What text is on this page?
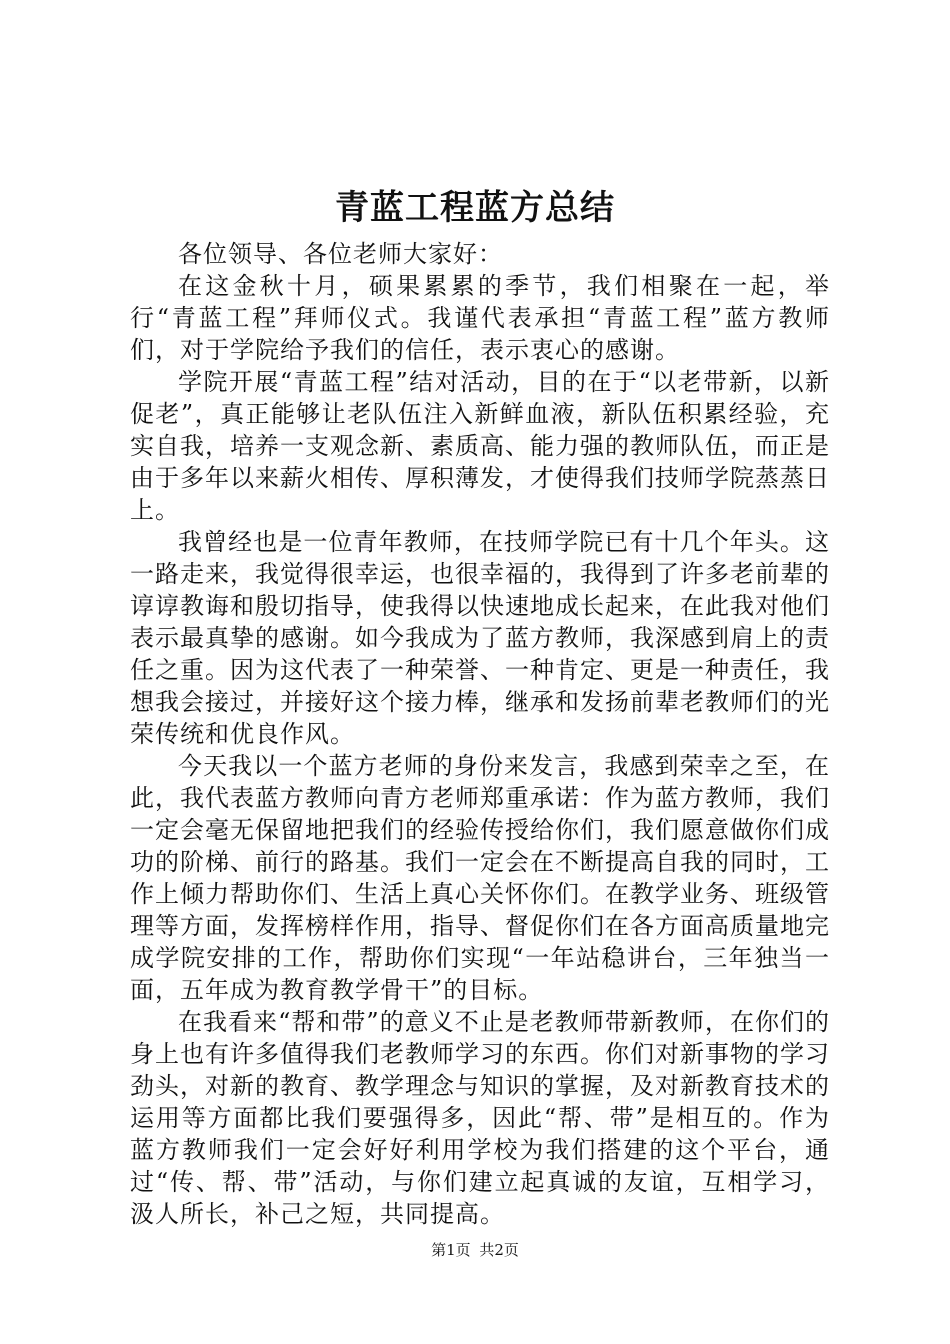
青蓝工程蓝方总结

各位领导、各位老师大家好：

在这金秋十月，硕果累累的季节，我们相聚在一起，举行“青蓝工程”拜师仪式。我谨代表承担“青蓝工程”蓝方教师们，对于学院给予我们的信任，表示衷心的感谢。

学院开展“青蓝工程”结对活动，目的在于“以老带新，以新促老”，真正能够让老队伍注入新鲜血液，新队伍积累经验，充实自我，培养一支观念新、素质高、能力强的教师队伍，而正是由于多年以来薪火相传、厚积薄发，才使得我们技师学院蒸蒸日上。

我曾经也是一位青年教师，在技师学院已有十几个年头。这一路走来，我觉得很幸运，也很幸福的，我得到了许多老前辈的谆谆教诲和殷切指导，使我得以快速地成长起来，在此我对他们表示最真挚的感谢。如今我成为了蓝方教师，我深感到肩上的责任之重。因为这代表了一种荣誉、一种肯定、更是一种责任，我想我会接过，并接好这个接力棒，继承和发扬前辈老教师们的光荣传统和优良作风。

今天我以一个蓝方老师的身份来发言，我感到荣幸之至，在此，我代表蓝方教师向青方老师郑重承诺：作为蓝方教师，我们一定会毫无保留地把我们的经验传授给你们，我们愿意做你们成功的阶梯、前行的路基。我们一定会在不断提高自我的同时，工作上倾力帮助你们、生活上真心关怀你们。在教学业务、班级管理等方面，发挥榜样作用，指导、督促你们在各方面高质量地完成学院安排的工作，帮助你们实现“一年站稳讲台，三年独当一面，五年成为教育教学骨干”的目标。

在我看来“帮和带”的意义不止是老教师带新教师，在你们的身上也有许多值得我们老教师学习的东西。你们对新事物的学习劲头，对新的教育、教学理念与知识的掌握，及对新教育技术的运用等方面都比我们要强得多，因此“帮、带”是相互的。作为蓝方教师我们一定会好好利用学校为我们搭建的这个平台，通过“传、帮、带”活动，与你们建立起真诚的友谊，互相学习，汲人所长，补己之短，共同提高。

第1页 共2页
